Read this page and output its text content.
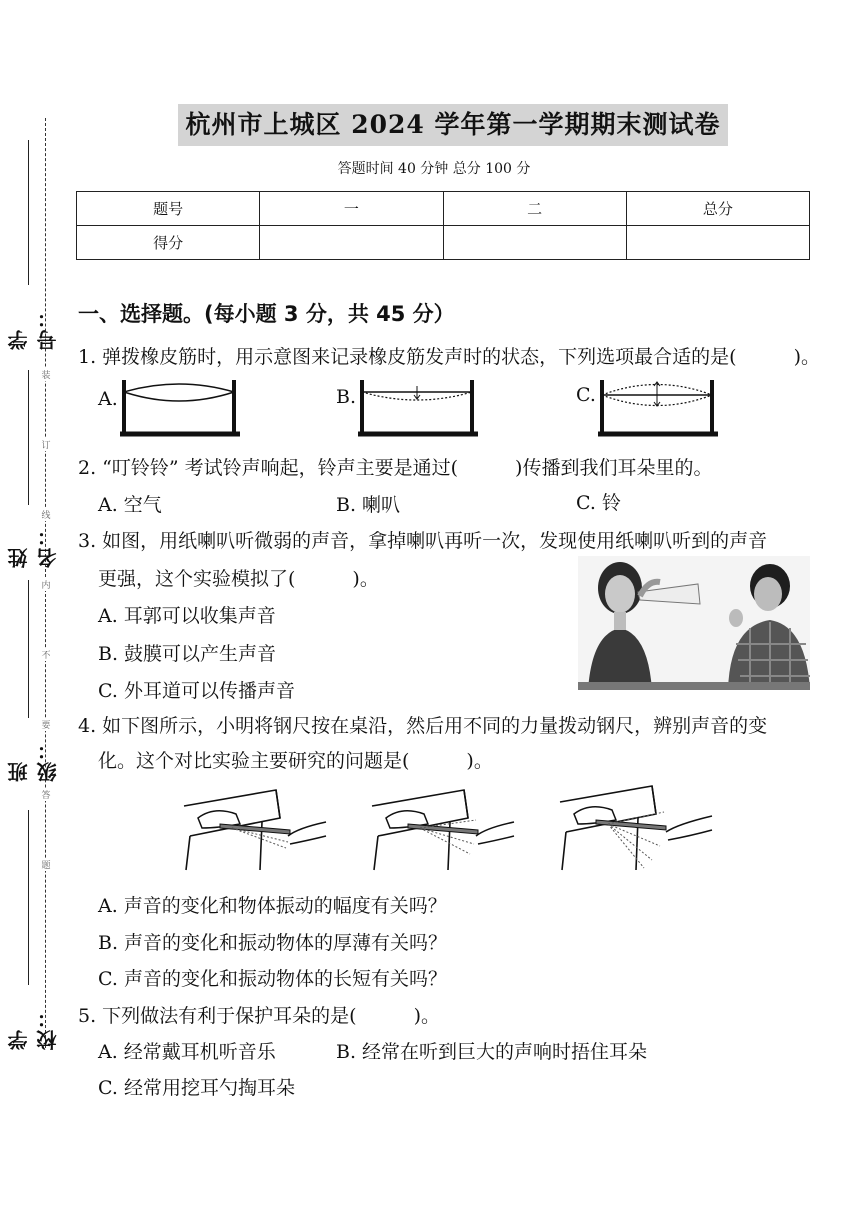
学号：
姓名：
班级：
学校：
装
订
线
内
不
要
答
题
杭州市上城区 2024 学年第一学期期末测试卷
答题时间 40 分钟 总分 100 分
题号	一	二	总分
得分			
一、选择题。(每小题 3 分，共 45 分）
1. 弹拨橡皮筋时，用示意图来记录橡皮筋发声时的状态，下列选项最合适的是(　　　)。
A.	B.	C.
2. “叮铃铃” 考试铃声响起，铃声主要是通过(　　　)传播到我们耳朵里的。
A. 空气	B. 喇叭	C. 铃
3. 如图，用纸喇叭听微弱的声音，拿掉喇叭再听一次，发现使用纸喇叭听到的声音
更强，这个实验模拟了(　　　)。
A. 耳郭可以收集声音
B. 鼓膜可以产生声音
C. 外耳道可以传播声音
4. 如下图所示，小明将钢尺按在桌沿，然后用不同的力量拨动钢尺，辨别声音的变
化。这个对比实验主要研究的问题是(　　　)。
A. 声音的变化和物体振动的幅度有关吗？
B. 声音的变化和振动物体的厚薄有关吗？
C. 声音的变化和振动物体的长短有关吗？
5. 下列做法有利于保护耳朵的是(　　　)。
A. 经常戴耳机听音乐	B. 经常在听到巨大的声响时捂住耳朵
C. 经常用挖耳勺掏耳朵
